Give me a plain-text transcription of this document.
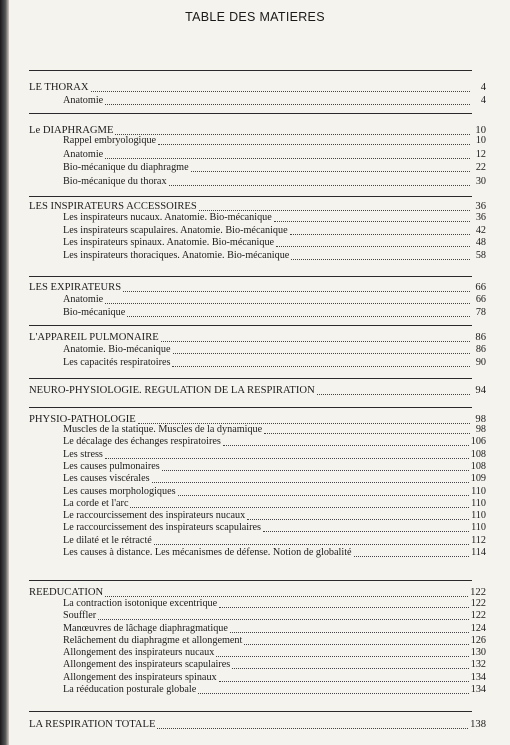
TABLE DES MATIERES
LE THORAX	4
Anatomie	4
Le DIAPHRAGME	10
Rappel embryologique	10
Anatomie	12
Bio-mécanique du diaphragme	22
Bio-mécanique du thorax	30
LES INSPIRATEURS ACCESSOIRES	36
Les inspirateurs nucaux. Anatomie. Bio-mécanique	36
Les inspirateurs scapulaires. Anatomie. Bio-mécanique	42
Les inspirateurs spinaux. Anatomie. Bio-mécanique	48
Les inspirateurs thoraciques. Anatomie. Bio-mécanique	58
LES EXPIRATEURS	66
Anatomie	66
Bio-mécanique	78
L'APPAREIL PULMONAIRE	86
Anatomie. Bio-mécanique	86
Les capacités respiratoires	90
NEURO-PHYSIOLOGIE. REGULATION DE LA RESPIRATION	94
PHYSIO-PATHOLOGIE	98
Muscles de la statique. Muscles de la dynamique	98
Le décalage des échanges respiratoires	106
Les stress	108
Les causes pulmonaires	108
Les causes viscérales	109
Les causes morphologiques	110
La corde et l'arc	110
Le raccourcissement des inspirateurs nucaux	110
Le raccourcissement des inspirateurs scapulaires	110
Le dilaté et le rétracté	112
Les causes à distance. Les mécanismes de défense. Notion de globalité	114
REEDUCATION	122
La contraction isotonique excentrique	122
Souffler	122
Manœuvres de lâchage diaphragmatique	124
Relâchement du diaphragme et allongement	126
Allongement des inspirateurs nucaux	130
Allongement des inspirateurs scapulaires	132
Allongement des inspirateurs spinaux	134
La rééducation posturale globale	134
LA RESPIRATION TOTALE	138
